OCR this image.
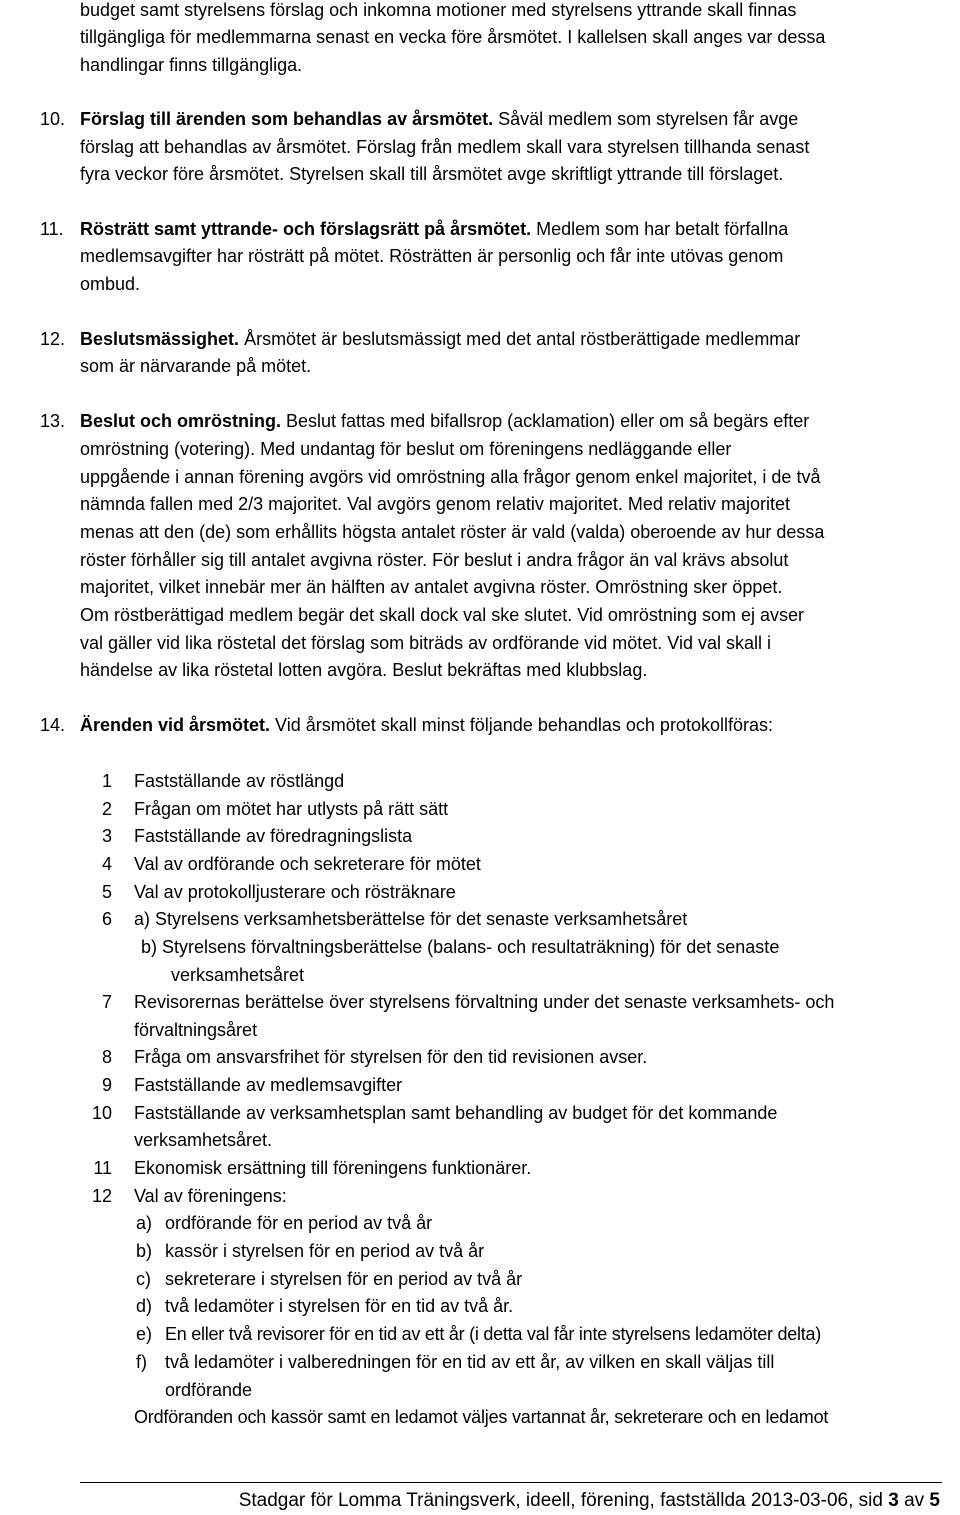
budget samt styrelsens förslag och inkomna motioner med styrelsens yttrande skall finnas
tillgängliga för medlemmarna senast en vecka före årsmötet. I kallelsen skall anges var dessa
handlingar finns tillgängliga.
10. Förslag till ärenden som behandlas av årsmötet. Såväl medlem som styrelsen får avge
förslag att behandlas av årsmötet. Förslag från medlem skall vara styrelsen tillhanda senast
fyra veckor före årsmötet. Styrelsen skall till årsmötet avge skriftligt yttrande till förslaget.
11. Rösträtt samt yttrande- och förslagsrätt på årsmötet. Medlem som har betalt förfallna
medlemsavgifter har rösträtt på mötet. Rösträtten är personlig och får inte utövas genom
ombud.
12. Beslutsmässighet. Årsmötet är beslutsmässigt med det antal röstberättigade medlemmar
som är närvarande på mötet.
13. Beslut och omröstning. Beslut fattas med bifallsrop (acklamation) eller om så begärs efter
omröstning (votering). Med undantag för beslut om föreningens nedläggande eller
uppgående i annan förening avgörs vid omröstning alla frågor genom enkel majoritet, i de två
nämnda fallen med 2/3 majoritet. Val avgörs genom relativ majoritet. Med relativ majoritet
menas att den (de) som erhållits högsta antalet röster är vald (valda) oberoende av hur dessa
röster förhåller sig till antalet avgivna röster. För beslut i andra frågor än val krävs absolut
majoritet, vilket innebär mer än hälften av antalet avgivna röster. Omröstning sker öppet.
Om röstberättigad medlem begär det skall dock val ske slutet. Vid omröstning som ej avser
val gäller vid lika röstetal det förslag som biträds av ordförande vid mötet. Vid val skall i
händelse av lika röstetal lotten avgöra. Beslut bekräftas med klubbslag.
14. Ärenden vid årsmötet. Vid årsmötet skall minst följande behandlas och protokollföras:
1 Fastställande av röstlängd
2 Frågan om mötet har utlysts på rätt sätt
3 Fastställande av föredragningslista
4 Val av ordförande och sekreterare för mötet
5 Val av protokolljusterare och rösträknare
6 a) Styrelsens verksamhetsberättelse för det senaste verksamhetsåret
b) Styrelsens förvaltningsberättelse (balans- och resultaträkning) för det senaste
verksamhetsåret
7 Revisorernas berättelse över styrelsens förvaltning under det senaste verksamhets- och
förvaltningsåret
8 Fråga om ansvarsfrihet för styrelsen för den tid revisionen avser.
9 Fastställande av medlemsavgifter
10 Fastställande av verksamhetsplan samt behandling av budget för det kommande
verksamhetsåret.
11 Ekonomisk ersättning till föreningens funktionärer.
12 Val av föreningens:
a) ordförande för en period av två år
b) kassör i styrelsen för en period av två år
c) sekreterare i styrelsen för en period av två år
d) två ledamöter i styrelsen för en tid av två år.
e) En eller två revisorer för en tid av ett år (i detta val får inte styrelsens ledamöter delta)
f) två ledamöter i valberedningen för en tid av ett år, av vilken en skall väljas till
ordförande
Ordföranden och kassör samt en ledamot väljes vartannat år, sekreterare och en ledamot
Stadgar för Lomma Träningsverk, ideell, förening, fastställda 2013-03-06, sid 3 av 5
